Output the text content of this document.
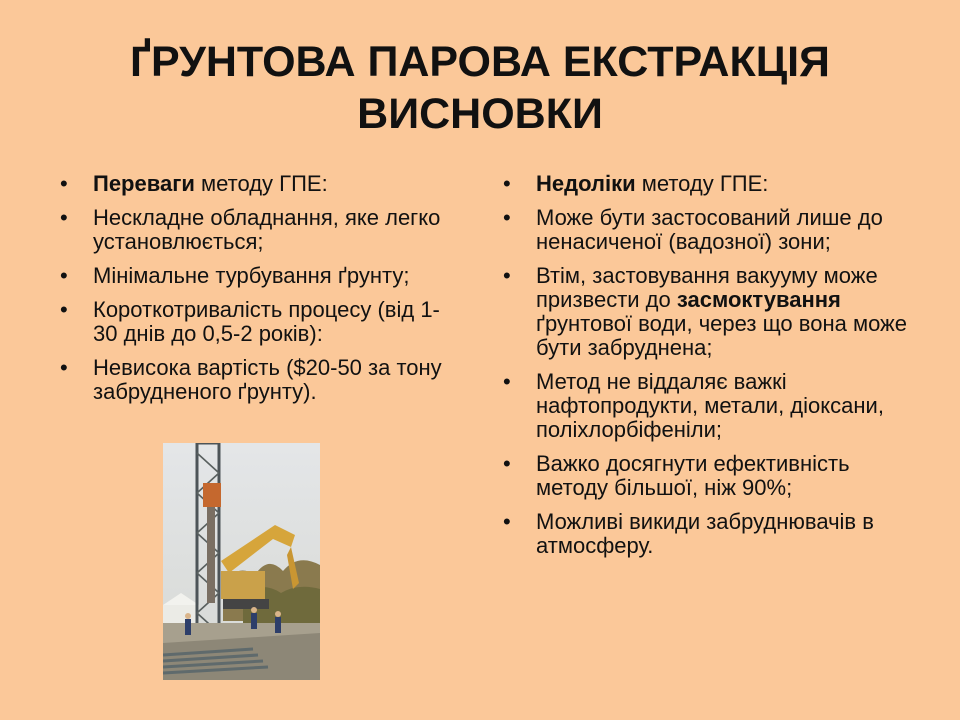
ҐРУНТОВА ПАРОВА ЕКСТРАКЦІЯ
ВИСНОВКИ
• Переваги методу ГПЕ:
• Нескладне обладнання, яке легко установлюється;
• Мінімальне турбування ґрунту;
• Короткотривалість процесу (від 1-30 днів до 0,5-2 років):
• Невисока вартість ($20-50 за тону забрудненого ґрунту).
• Недоліки методу ГПЕ:
• Може бути застосований лише до ненасиченої (вадозної) зони;
• Втім, застовування вакууму може призвести до засмоктування ґрунтової води, через що вона може бути забруднена;
• Метод не віддаляє важкі нафтопродукти, метали, діоксани, поліхлорбіфеніли;
• Важко досягнути ефективність методу більшої, ніж 90%;
• Можливі викиди забруднювачів в атмосферу.
